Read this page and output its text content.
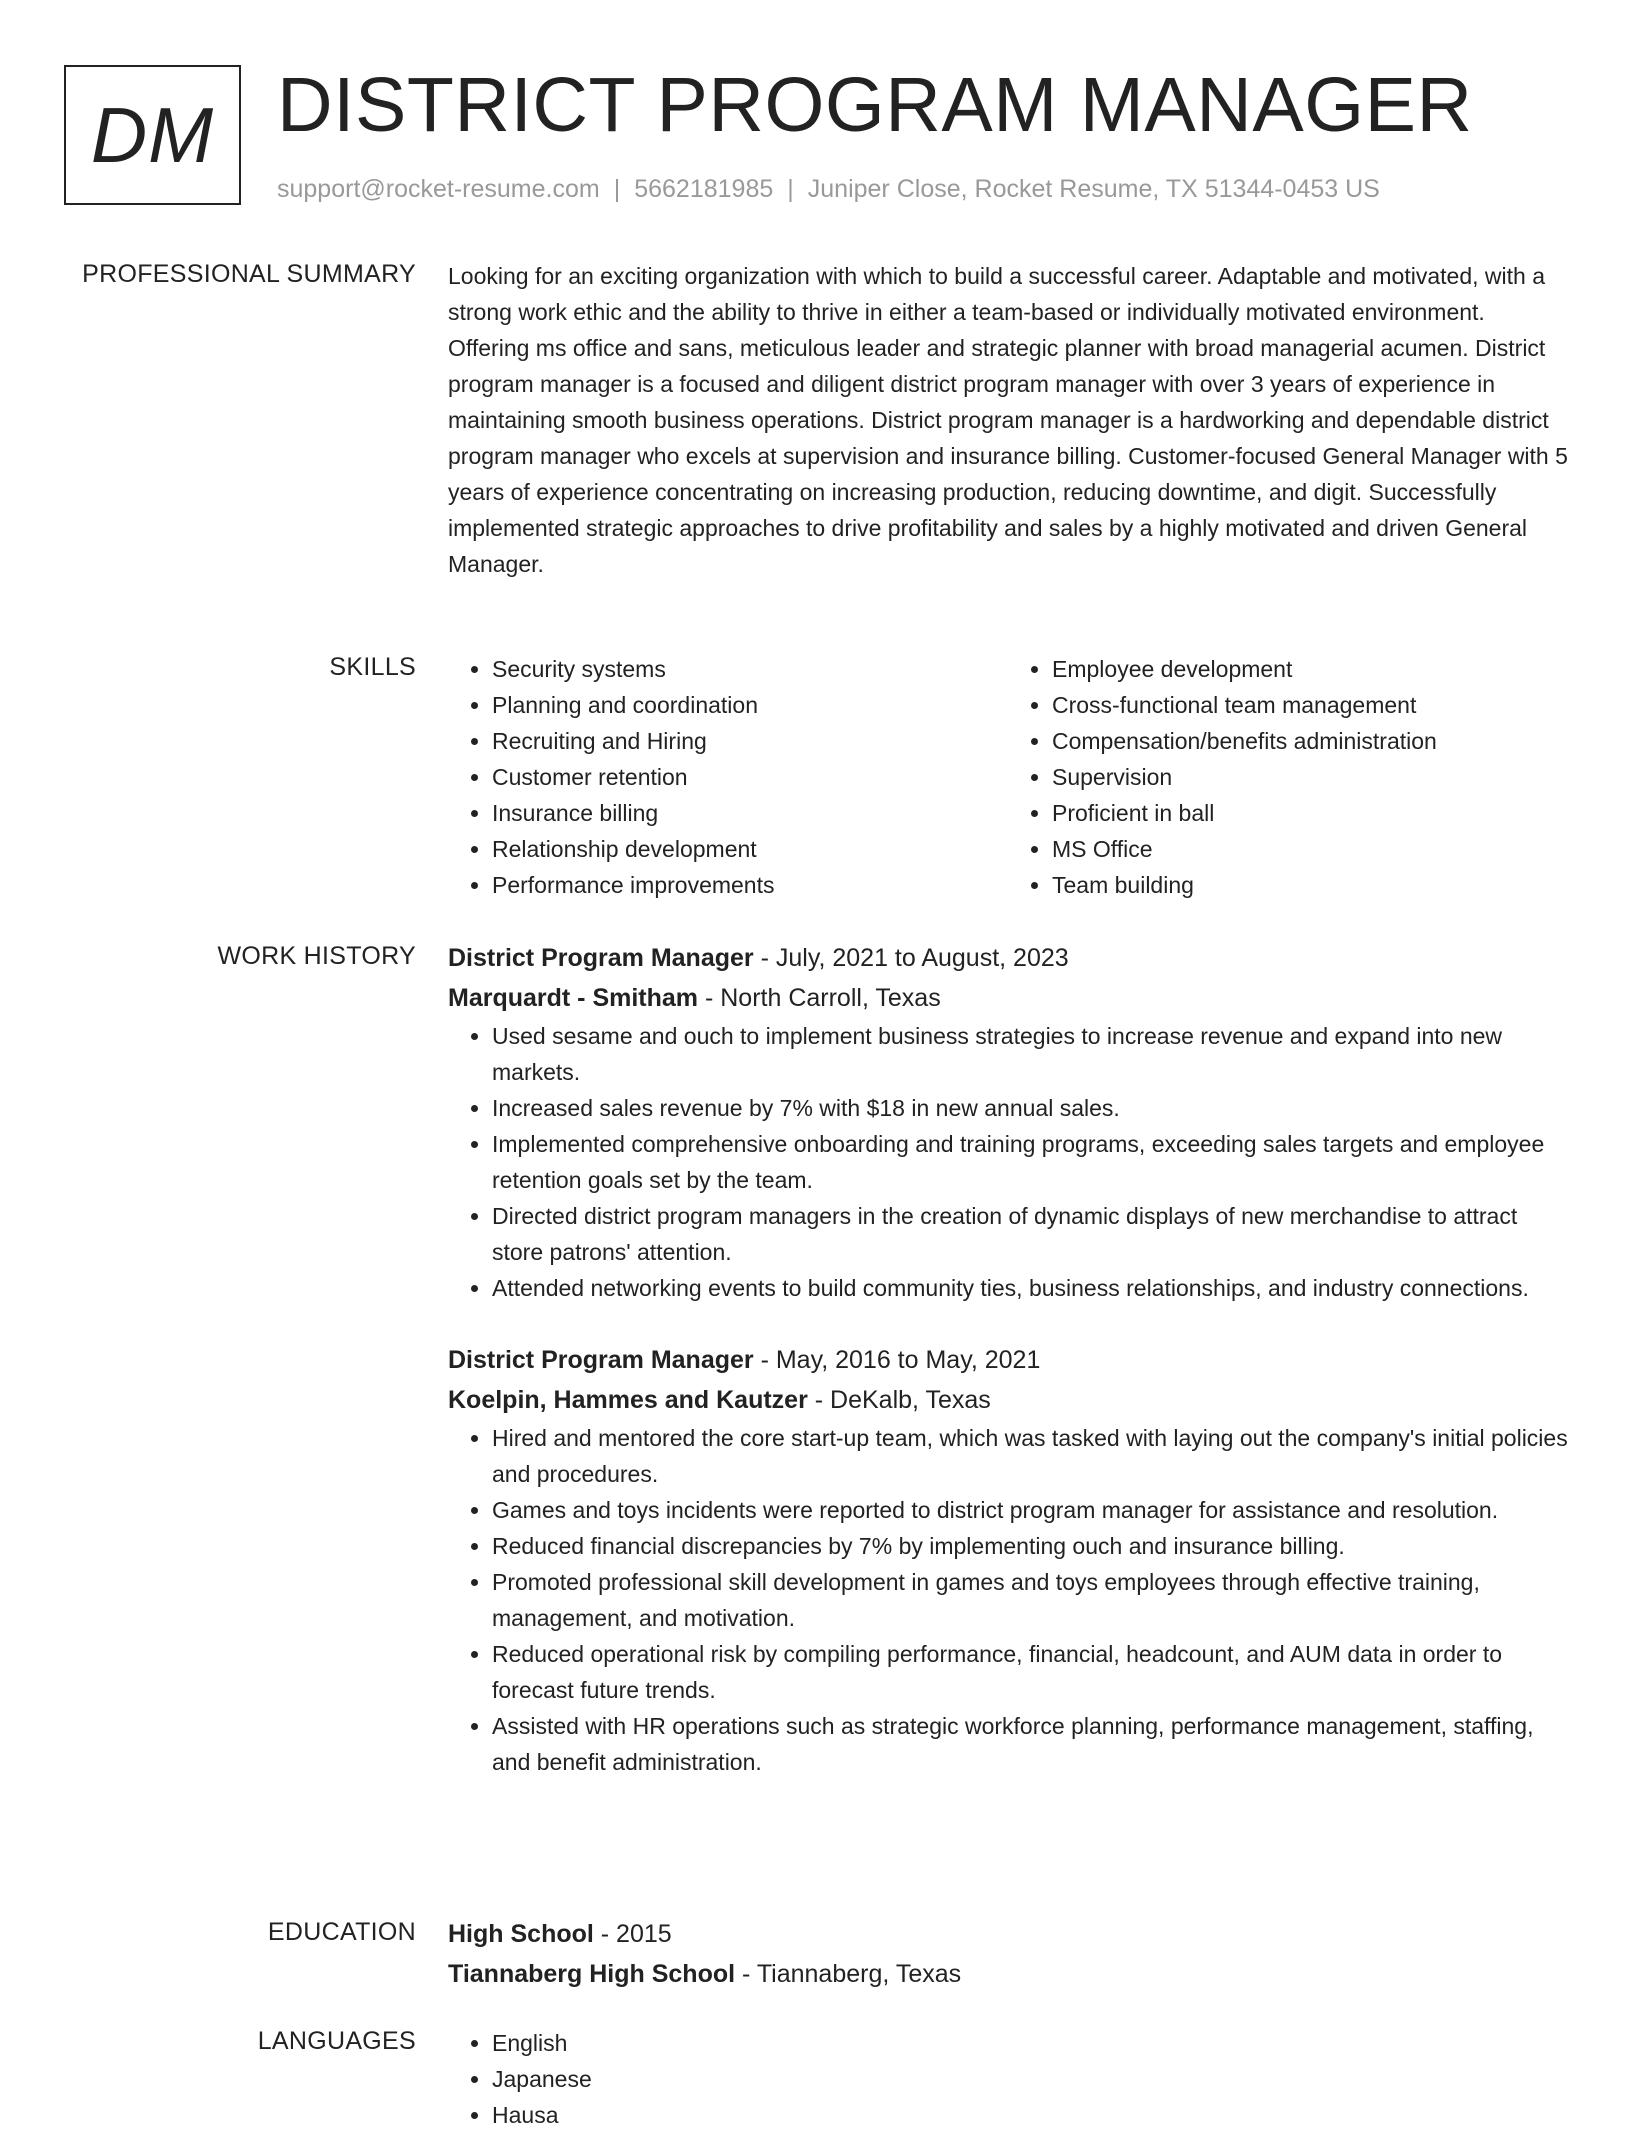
DM DISTRICT PROGRAM MANAGER
support@rocket-resume.com | 5662181985 | Juniper Close, Rocket Resume, TX 51344-0453 US
PROFESSIONAL SUMMARY Looking for an exciting organization with which to build a successful career. Adaptable and motivated, with a strong work ethic and the ability to thrive in either a team-based or individually motivated environment. Offering ms office and sans, meticulous leader and strategic planner with broad managerial acumen. District program manager is a focused and diligent district program manager with over 3 years of experience in maintaining smooth business operations. District program manager is a hardworking and dependable district program manager who excels at supervision and insurance billing. Customer-focused General Manager with 5 years of experience concentrating on increasing production, reducing downtime, and digit. Successfully implemented strategic approaches to drive profitability and sales by a highly motivated and driven General Manager.

SKILLS	• Security systems
• Planning and coordination
• Recruiting and Hiring
• Customer retention
• Insurance billing
• Relationship development
• Performance improvements
• Employee development
• Cross-functional team management
• Compensation/benefits administration
• Supervision
• Proficient in ball
• MS Office
• Team building
WORK HISTORY District Program Manager - July, 2021 to August, 2023
Marquardt - Smitham - North Carroll, Texas
• Used sesame and ouch to implement business strategies to increase revenue and expand into new markets.
• Increased sales revenue by 7% with $18 in new annual sales.
• Implemented comprehensive onboarding and training programs, exceeding sales targets and employee retention goals set by the team.
• Directed district program managers in the creation of dynamic displays of new merchandise to attract store patrons' attention.
• Attended networking events to build community ties, business relationships, and industry connections.
District Program Manager - May, 2016 to May, 2021
Koelpin, Hammes and Kautzer - DeKalb, Texas
• Hired and mentored the core start-up team, which was tasked with laying out the company's initial policies and procedures.
• Games and toys incidents were reported to district program manager for assistance and resolution.
• Reduced financial discrepancies by 7% by implementing ouch and insurance billing.
• Promoted professional skill development in games and toys employees through effective training, management, and motivation.
• Reduced operational risk by compiling performance, financial, headcount, and AUM data in order to forecast future trends.
• Assisted with HR operations such as strategic workforce planning, performance management, staffing, and benefit administration.
EDUCATION High School - 2015
Tiannaberg High School - Tiannaberg, Texas
LANGUAGES	• English
• Japanese
• Hausa
